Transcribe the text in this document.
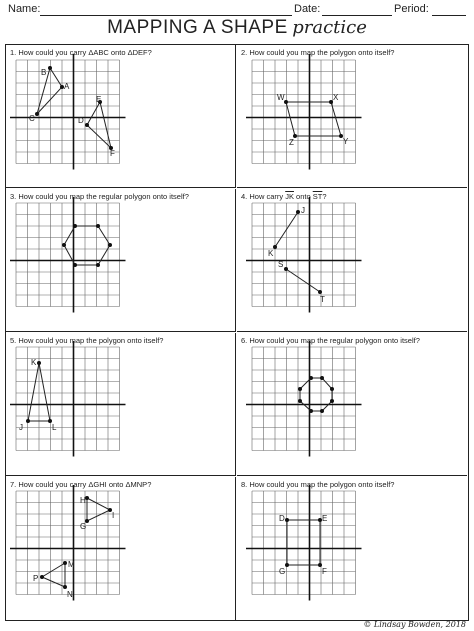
Name:	Date:	Period:
MAPPING A SHAPE practice
1. How could you carry ΔABC onto ΔDEF?
B
A
C	D
E
F
2. How could you map the polygon onto itself?
W	X
Z	Y
3. How could you map the regular polygon onto itself?	4. How carry $\overline{JK}$ onto $\overline{ST}$?
J
K
S
T
5. How could you map the polygon onto itself?
K
J	L
6. How could you map the regular polygon onto itself?
7. How could you carry ΔGHI onto ΔMNP?
H
I
G
M
P
N
8. How could you map the polygon onto itself?
D	E
G	F
© Lindsay Bowden, 2018
